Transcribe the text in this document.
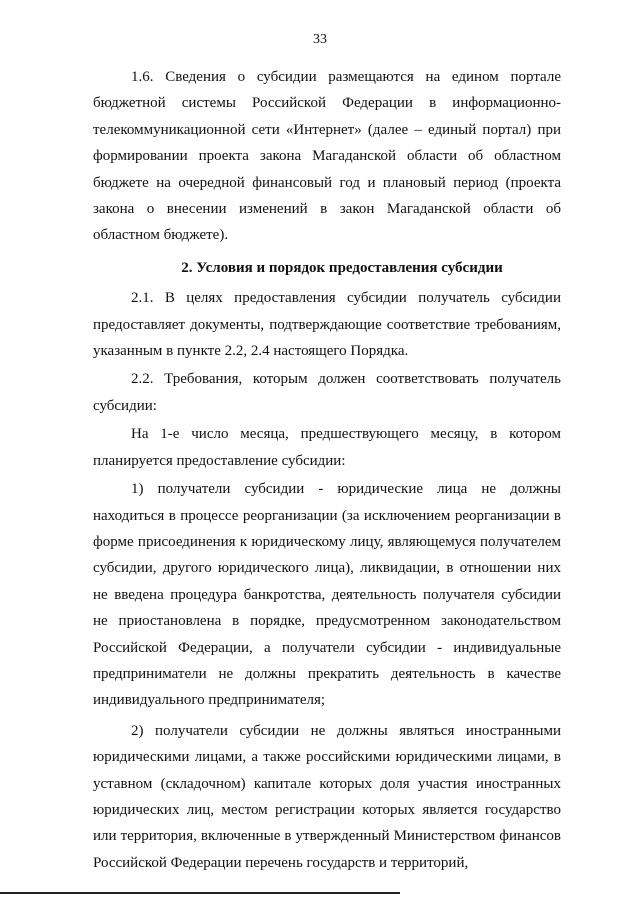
33

1.6. Сведения о субсидии размещаются на едином портале бюджетной системы Российской Федерации в информационно-телекоммуникационной сети «Интернет» (далее – единый портал) при формировании проекта закона Магаданской области об областном бюджете на очередной финансовый год и плановый период (проекта закона о внесении изменений в закон Магаданской области об областном бюджете).

2. Условия и порядок предоставления субсидии

2.1. В целях предоставления субсидии получатель субсидии предоставляет документы, подтверждающие соответствие требованиям, указанным в пункте 2.2, 2.4 настоящего Порядка.

2.2. Требования, которым должен соответствовать получатель субсидии:

На 1-е число месяца, предшествующего месяцу, в котором планируется предоставление субсидии:

1) получатели субсидии - юридические лица не должны находиться в процессе реорганизации (за исключением реорганизации в форме присоединения к юридическому лицу, являющемуся получателем субсидии, другого юридического лица), ликвидации, в отношении них не введена процедура банкротства, деятельность получателя субсидии не приостановлена в порядке, предусмотренном законодательством Российской Федерации, а получатели субсидии - индивидуальные предприниматели не должны прекратить деятельность в качестве индивидуального предпринимателя;

2) получатели субсидии не должны являться иностранными юридическими лицами, а также российскими юридическими лицами, в уставном (складочном) капитале которых доля участия иностранных юридических лиц, местом регистрации которых является государство или территория, включенные в утвержденный Министерством финансов Российской Федерации перечень государств и территорий,
